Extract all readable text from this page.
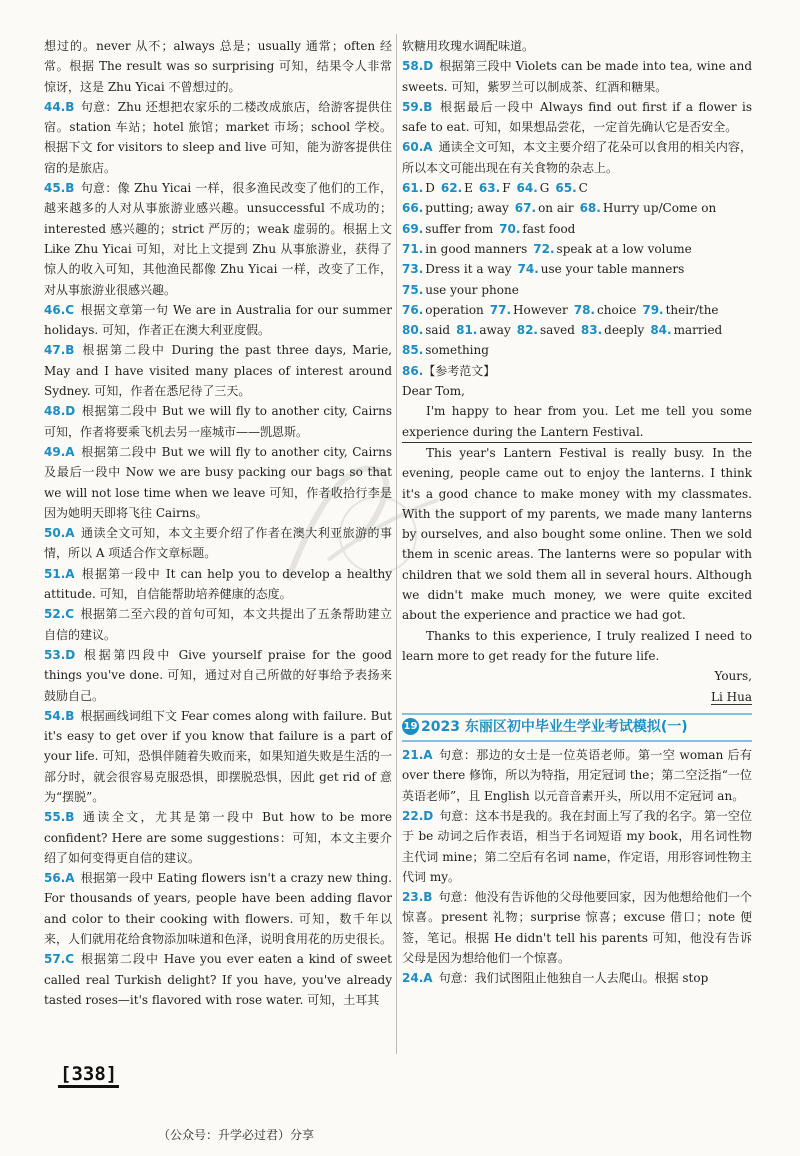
想过的。never 从不；always 总是；usually 通常；often 经常。根据 The result was so surprising 可知，结果令人非常惊讶，这是 Zhu Yicai 不曾想过的。

44.B 句意：Zhu 还想把农家乐的二楼改成旅店，给游客提供住宿。station 车站；hotel 旅馆；market 市场；school 学校。根据下文 for visitors to sleep and live 可知，能为游客提供住宿的是旅店。

45.B 句意：像 Zhu Yicai 一样，很多渔民改变了他们的工作，越来越多的人对从事旅游业感兴趣。unsuccessful 不成功的；interested 感兴趣的；strict 严厉的；weak 虚弱的。根据上文 Like Zhu Yicai 可知，对比上文提到 Zhu 从事旅游业，获得了惊人的收入可知，其他渔民都像 Zhu Yicai 一样，改变了工作，对从事旅游业很感兴趣。

46.C 根据文章第一句 We are in Australia for our summer holidays. 可知，作者正在澳大利亚度假。

47.B 根据第二段中 During the past three days, Marie, May and I have visited many places of interest around Sydney. 可知，作者在悉尼待了三天。

48.D 根据第二段中 But we will fly to another city, Cairns 可知，作者将要乘飞机去另一座城市——凯恩斯。

49.A 根据第二段中 But we will fly to another city, Cairns 及最后一段中 Now we are busy packing our bags so that we will not lose time when we leave 可知，作者收拾行李是因为她明天即将飞往 Cairns。

50.A 通读全文可知，本文主要介绍了作者在澳大利亚旅游的事情，所以 A 项适合作文章标题。

51.A 根据第一段中 It can help you to develop a healthy attitude. 可知，自信能帮助培养健康的态度。

52.C 根据第二至六段的首句可知，本文共提出了五条帮助建立自信的建议。

53.D 根据第四段中 Give yourself praise for the good things you've done. 可知，通过对自己所做的好事给予表扬来鼓励自己。

54.B 根据画线词组下文 Fear comes along with failure. But it's easy to get over if you know that failure is a part of your life. 可知，恐惧伴随着失败而来，如果知道失败是生活的一部分时，就会很容易克服恐惧，即摆脱恐惧，因此 get rid of 意为“摆脱”。

55.B 通读全文，尤其是第一段中 But how to be more confident? Here are some suggestions：可知，本文主要介绍了如何变得更自信的建议。

56.A 根据第一段中 Eating flowers isn't a crazy new thing. For thousands of years, people have been adding flavor and color to their cooking with flowers. 可知，数千年以来，人们就用花给食物添加味道和色泽，说明食用花的历史很长。

57.C 根据第二段中 Have you ever eaten a kind of sweet called real Turkish delight? If you have, you've already tasted roses—it's flavored with rose water. 可知，土耳其

软糖用玫瑰水调配味道。

58.D 根据第三段中 Violets can be made into tea, wine and sweets. 可知，紫罗兰可以制成茶、红酒和糖果。

59.B 根据最后一段中 Always find out first if a flower is safe to eat. 可知，如果想品尝花，一定首先确认它是否安全。

60.A 通读全文可知，本文主要介绍了花朵可以食用的相关内容，所以本文可能出现在有关食物的杂志上。

61. D 62. E 63. F 64. G 65. C

66. putting; away 67. on air 68. Hurry up/Come on

69. suffer from 70. fast food

71. in good manners 72. speak at a low volume

73. Dress it a way 74. use your table manners

75. use your phone

76. operation 77. However 78. choice 79. their/the

80. said 81. away 82. saved 83. deeply 84. married

85. something

86.【参考范文】

Dear Tom,

I'm happy to hear from you. Let me tell you some experience during the Lantern Festival.

This year's Lantern Festival is really busy. In the evening, people came out to enjoy the lanterns. I think it's a good chance to make money with my classmates. With the support of my parents, we made many lanterns by ourselves, and also bought some online. Then we sold them in scenic areas. The lanterns were so popular with children that we sold them all in several hours. Although we didn't make much money, we were quite excited about the experience and practice we had got.

Thanks to this experience, I truly realized I need to learn more to get ready for the future life.

Yours,

Li Hua

19 2023 东丽区初中毕业生学业考试模拟(一)

21.A 句意：那边的女士是一位英语老师。第一空 woman 后有 over there 修饰，所以为特指，用定冠词 the；第二空泛指“一位英语老师”，且 English 以元音音素开头，所以用不定冠词 an。

22.D 句意：这本书是我的。我在封面上写了我的名字。第一空位于 be 动词之后作表语，相当于名词短语 my book，用名词性物主代词 mine；第二空后有名词 name，作定语，用形容词性物主代词 my。

23.B 句意：他没有告诉他的父母他要回家，因为他想给他们一个惊喜。present 礼物；surprise 惊喜；excuse 借口；note 便签，笔记。根据 He didn't tell his parents 可知，他没有告诉父母是因为想给他们一个惊喜。

24.A 句意：我们试图阻止他独自一人去爬山。根据 stop

[338]
（公众号：升学必过君）分享
